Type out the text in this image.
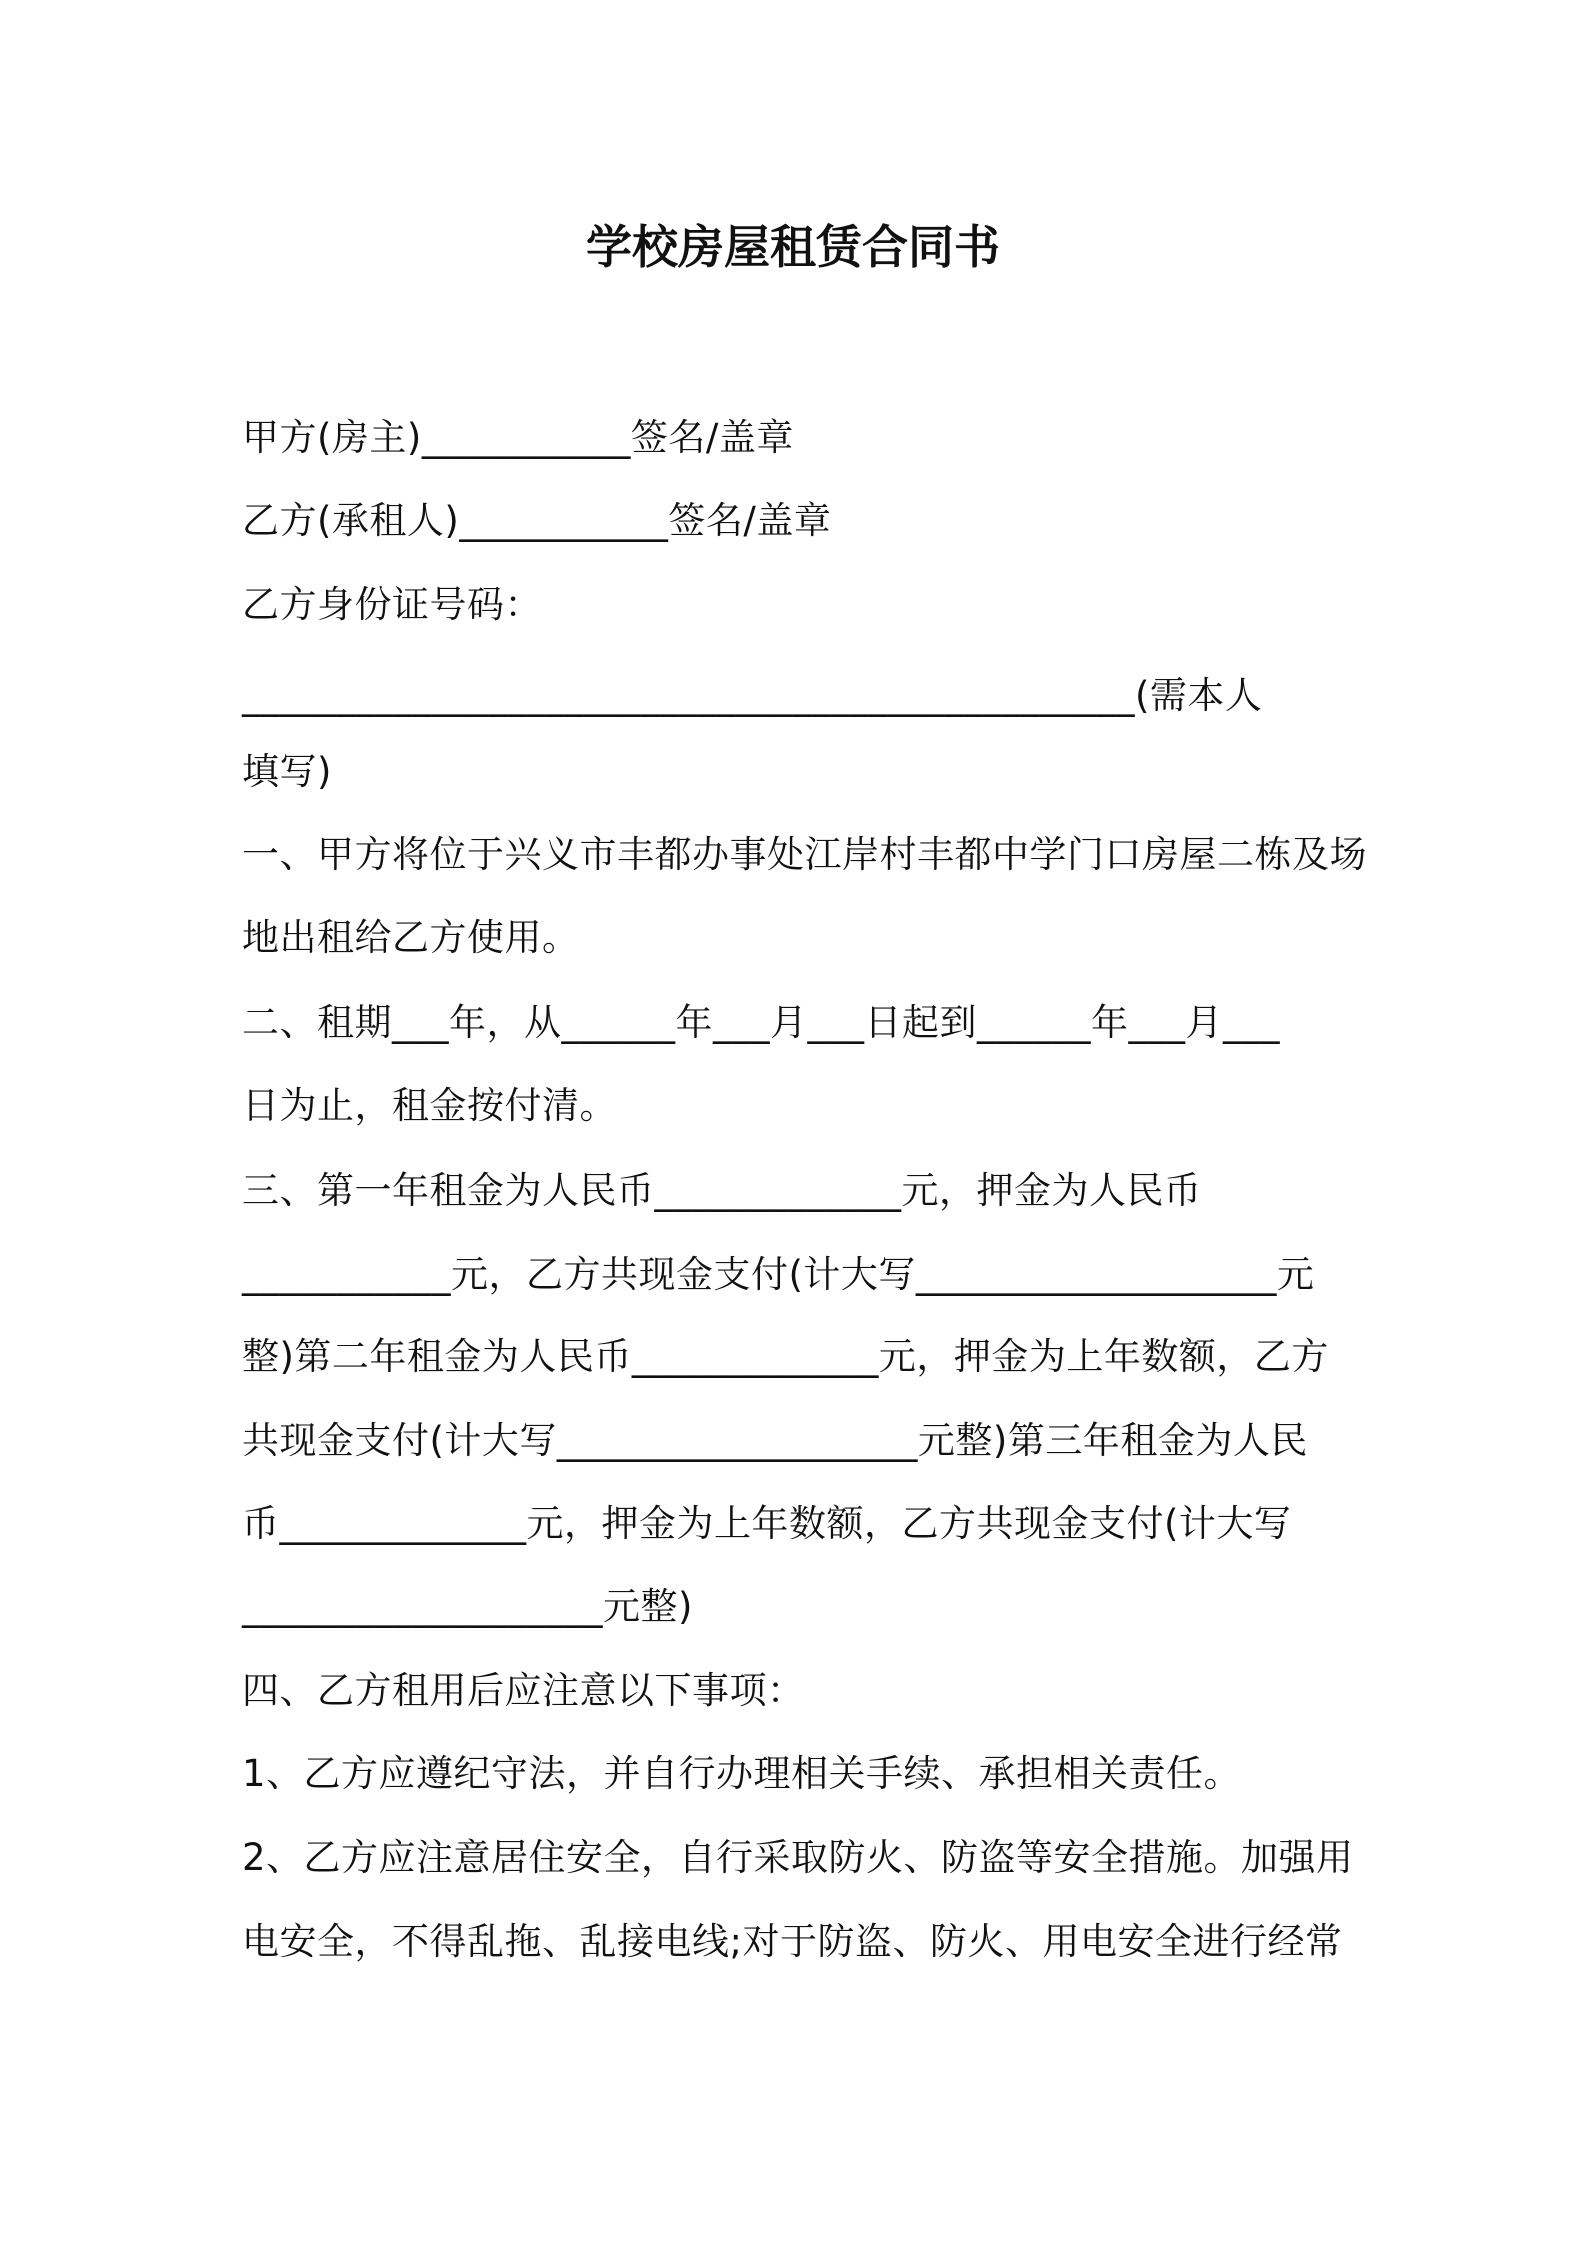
学校房屋租赁合同书
甲方(房主)___________签名/盖章
乙方(承租人)___________签名/盖章
乙方身份证号码：
_______________________________________________(需本人
填写)
一、甲方将位于兴义市丰都办事处江岸村丰都中学门口房屋二栋及场
地出租给乙方使用。
二、租期___年，从______年___月___日起到______年___月___
日为止，租金按付清。
三、第一年租金为人民币_____________元，押金为人民币
___________元，乙方共现金支付(计大写___________________元
整)第二年租金为人民币_____________元，押金为上年数额，乙方
共现金支付(计大写___________________元整)第三年租金为人民
币_____________元，押金为上年数额，乙方共现金支付(计大写
___________________元整)
四、乙方租用后应注意以下事项：
1、乙方应遵纪守法，并自行办理相关手续、承担相关责任。
2、乙方应注意居住安全，自行采取防火、防盗等安全措施。加强用
电安全，不得乱拖、乱接电线;对于防盗、防火、用电安全进行经常
